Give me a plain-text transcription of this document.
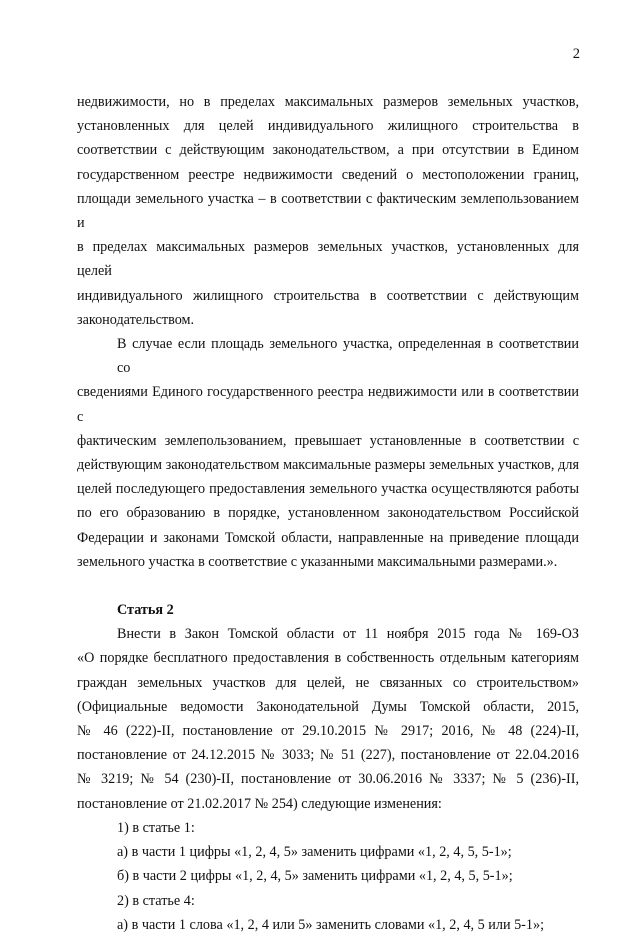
2

недвижимости, но в пределах максимальных размеров земельных участков,
установленных для целей индивидуального жилищного строительства в
соответствии с действующим законодательством, а при отсутствии в Едином
государственном реестре недвижимости сведений о местоположении границ,
площади земельного участка – в соответствии с фактическим землепользованием и
в пределах максимальных размеров земельных участков, установленных для целей
индивидуального жилищного строительства в соответствии с действующим
законодательством.

В случае если площадь земельного участка, определенная в соответствии со
сведениями Единого государственного реестра недвижимости или в соответствии с
фактическим землепользованием, превышает установленные в соответствии с
действующим законодательством максимальные размеры земельных участков, для
целей последующего предоставления земельного участка осуществляются работы
по его образованию в порядке, установленном законодательством Российской
Федерации и законами Томской области, направленные на приведение площади
земельного участка в соответствие с указанными максимальными размерами.».

Статья 2

Внести в Закон Томской области от 11 ноября 2015 года № 169-ОЗ
«О порядке бесплатного предоставления в собственность отдельным категориям
граждан земельных участков для целей, не связанных со строительством»
(Официальные ведомости Законодательной Думы Томской области, 2015,
№ 46 (222)-II, постановление от 29.10.2015 № 2917; 2016, № 48 (224)-II,
постановление от 24.12.2015 № 3033; № 51 (227), постановление от 22.04.2016
№ 3219; № 54 (230)-II, постановление от 30.06.2016 № 3337; № 5 (236)-II,
постановление от 21.02.2017 № 254) следующие изменения:

1) в статье 1:

а) в части 1 цифры «1, 2, 4, 5» заменить цифрами «1, 2, 4, 5, 5-1»;

б) в части 2 цифры «1, 2, 4, 5» заменить цифрами «1, 2, 4, 5, 5-1»;

2) в статье 4:

а) в части 1 слова «1, 2, 4 или 5» заменить словами «1, 2, 4, 5 или 5-1»;
